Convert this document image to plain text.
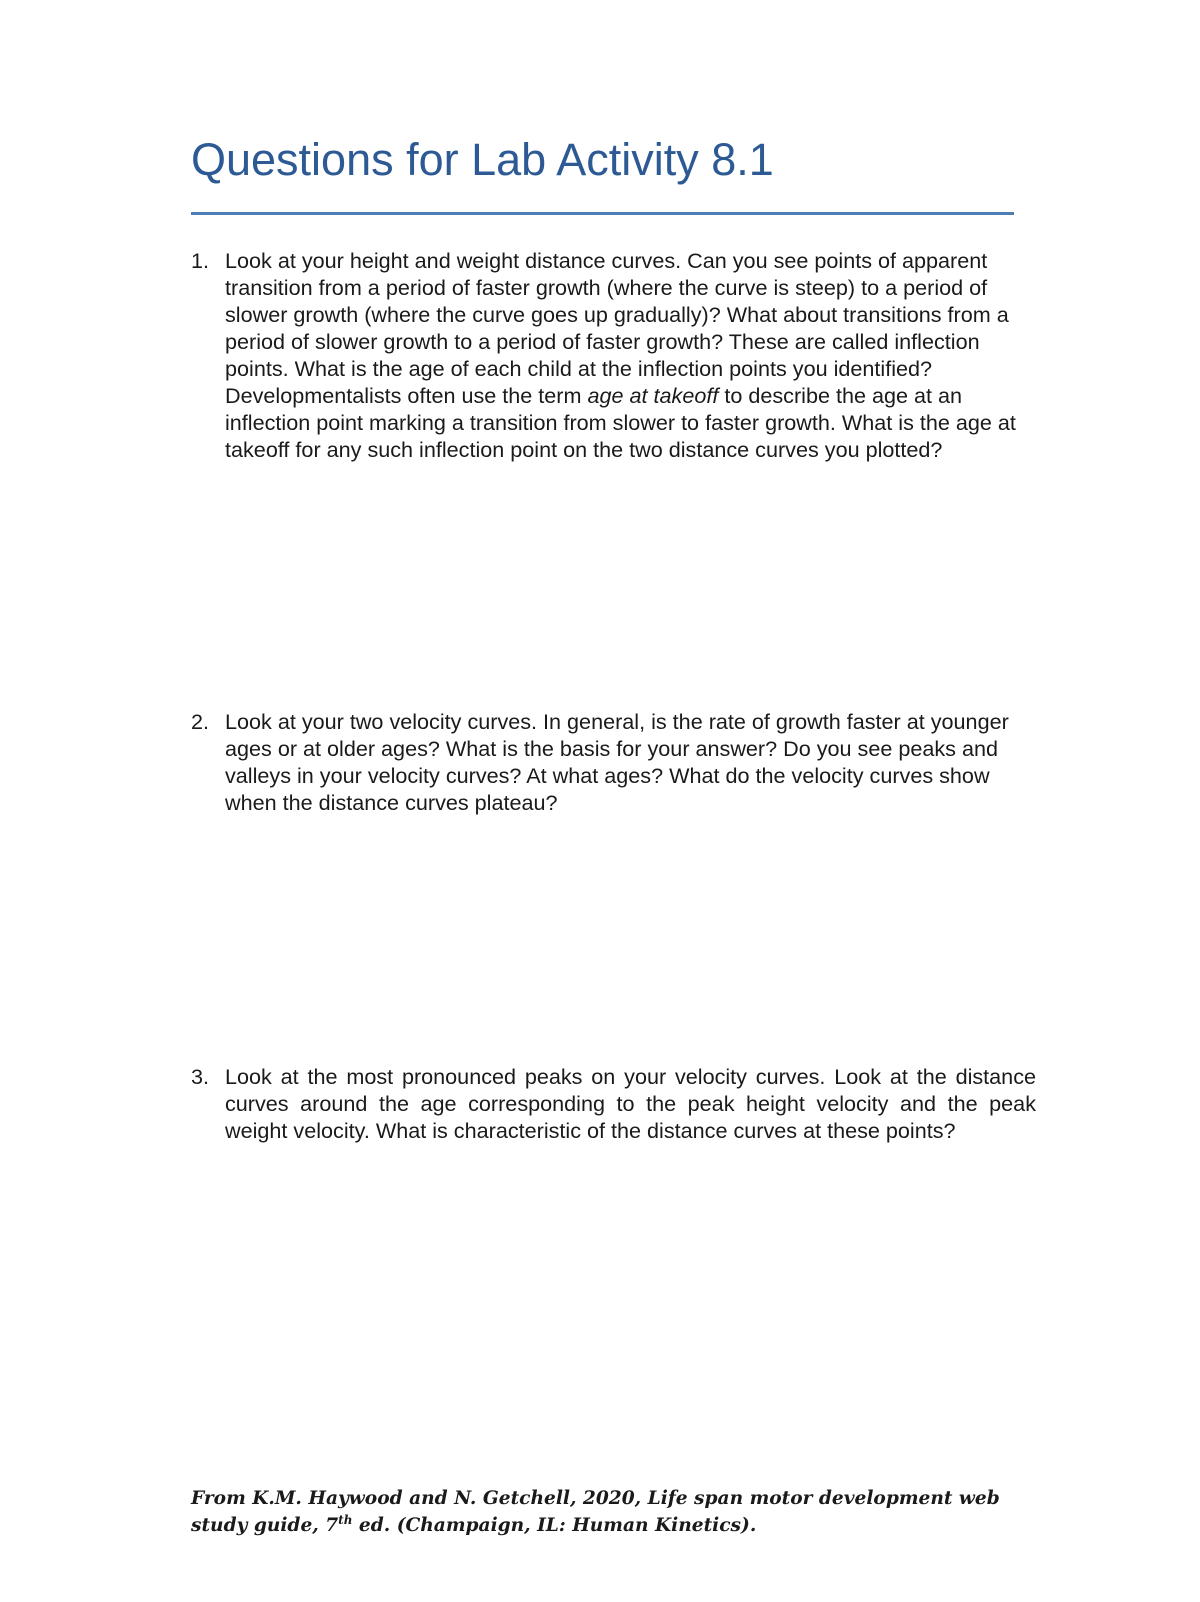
Questions for Lab Activity 8.1
1. Look at your height and weight distance curves. Can you see points of apparent transition from a period of faster growth (where the curve is steep) to a period of slower growth (where the curve goes up gradually)? What about transitions from a period of slower growth to a period of faster growth? These are called inflection points. What is the age of each child at the inflection points you identified? Developmentalists often use the term age at takeoff to describe the age at an inflection point marking a transition from slower to faster growth. What is the age at takeoff for any such inflection point on the two distance curves you plotted?
2. Look at your two velocity curves. In general, is the rate of growth faster at younger ages or at older ages? What is the basis for your answer? Do you see peaks and valleys in your velocity curves? At what ages? What do the velocity curves show when the distance curves plateau?
3. Look at the most pronounced peaks on your velocity curves. Look at the distance curves around the age corresponding to the peak height velocity and the peak weight velocity. What is characteristic of the distance curves at these points?
From K.M. Haywood and N. Getchell, 2020, Life span motor development web study guide, 7th ed. (Champaign, IL: Human Kinetics).
